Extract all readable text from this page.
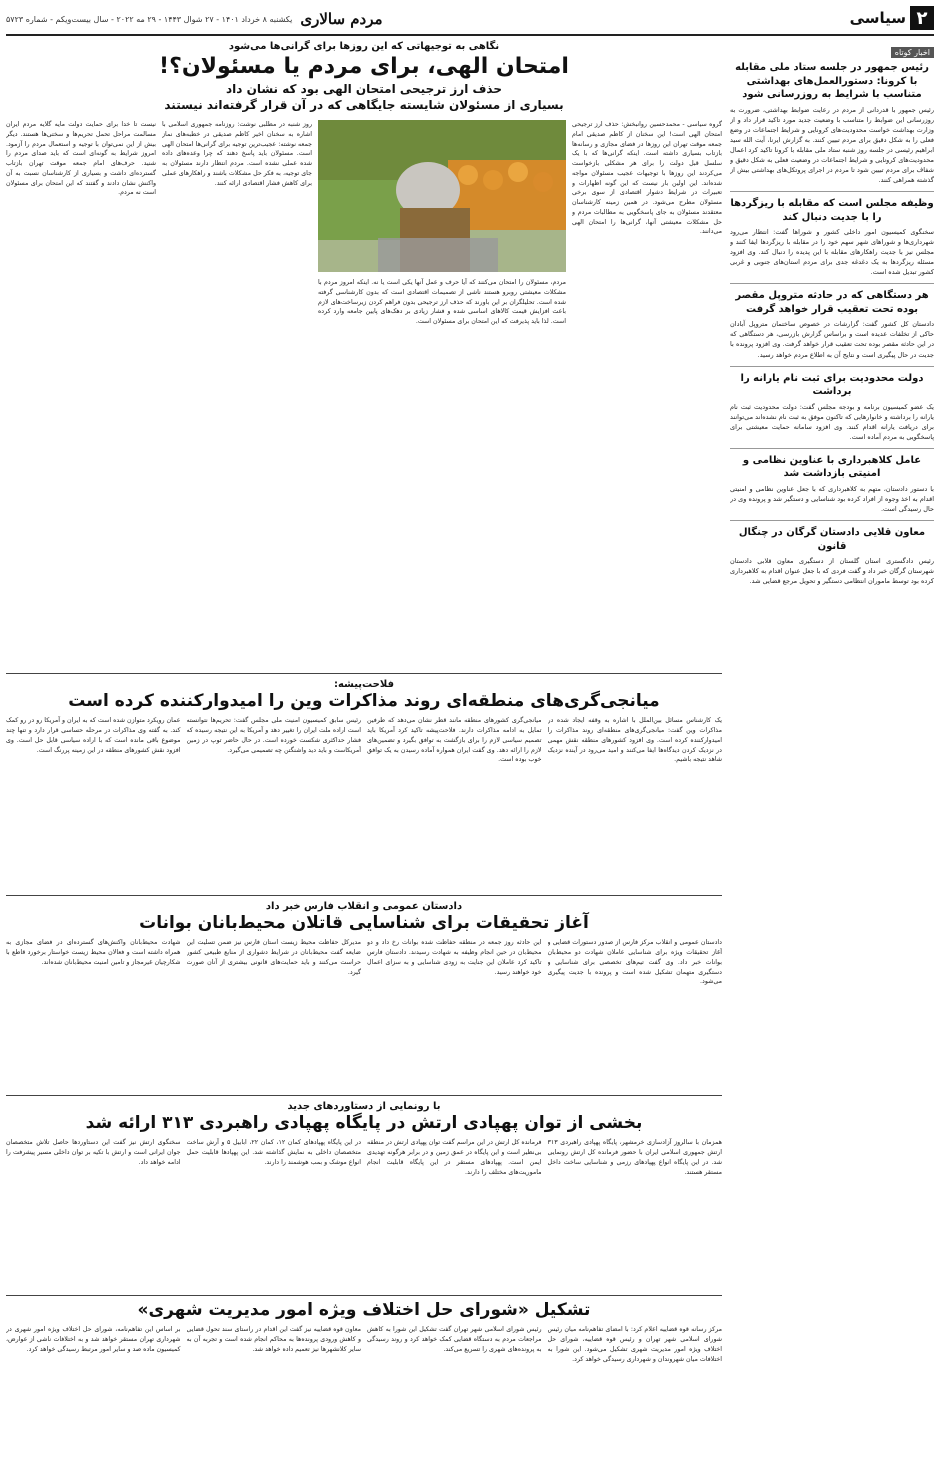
۲
سیاسی
مردم سالاری
یکشنبه ۸ خرداد ۱۴۰۱ - ۲۷ شوال ۱۴۴۳ - ۲۹ مه ۲۰۲۲ - سال بیست‌ویکم - شماره ۵۷۲۳
اخبار کوتاه
رئیس جمهور در جلسه ستاد ملی مقابله با کرونا: دستورالعمل‌های بهداشتی متناسب با شرایط به روزرسانی شود
رئیس جمهور با قدردانی از مردم در رعایت ضوابط بهداشتی، ضرورت به روزرسانی این ضوابط را متناسب با وضعیت جدید مورد تاکید قرار داد و از وزارت بهداشت خواست محدودیت‌های کرونایی و شرایط اجتماعات در وضع فعلی را به شکل دقیق برای مردم تبیین کنند. به گزارش ایرنا، آیت الله سید ابراهیم رئیسی در جلسه روز شنبه ستاد ملی مقابله با کرونا تاکید کرد اعمال محدودیت‌های کرونایی و شرایط اجتماعات در وضعیت فعلی به شکل دقیق و شفاف برای مردم تبیین شود تا مردم در اجرای پروتکل‌های بهداشتی بیش از گذشته همراهی کنند.
وظیفه مجلس است که مقابله با ریزگردها را با جدیت دنبال کند
سخنگوی کمیسیون امور داخلی کشور و شوراها گفت: انتظار می‌رود شهرداری‌ها و شوراهای شهر سهم خود را در مقابله با ریزگردها ایفا کنند و مجلس نیز با جدیت راهکارهای مقابله با این پدیده را دنبال کند. وی افزود مسئله ریزگردها به یک دغدغه جدی برای مردم استان‌های جنوبی و غربی کشور تبدیل شده است.
هر دستگاهی که در حادثه متروپل مقصر بوده تحت تعقیب قرار خواهد گرفت
دادستان کل کشور گفت: گزارشات در خصوص ساختمان متروپل آبادان حاکی از تخلفات عدیده است و براساس گزارش بازرسی، هر دستگاهی که در این حادثه مقصر بوده تحت تعقیب قرار خواهد گرفت. وی افزود پرونده با جدیت در حال پیگیری است و نتایج آن به اطلاع مردم خواهد رسید.
دولت محدودیت برای ثبت نام یارانه را برداشت
یک عضو کمیسیون برنامه و بودجه مجلس گفت: دولت محدودیت ثبت نام یارانه را برداشته و خانوارهایی که تاکنون موفق به ثبت نام نشده‌اند می‌توانند برای دریافت یارانه اقدام کنند. وی افزود سامانه حمایت معیشتی برای پاسخگویی به مردم آماده است.
عامل کلاهبرداری با عناوین نظامی و امنیتی بازداشت شد
با دستور دادستان، متهم به کلاهبرداری که با جعل عناوین نظامی و امنیتی اقدام به اخذ وجوه از افراد کرده بود شناسایی و دستگیر شد و پرونده وی در حال رسیدگی است.
معاون قلایی دادستان گرگان در چنگال قانون
رئیس دادگستری استان گلستان از دستگیری معاون قلابی دادستان شهرستان گرگان خبر داد و گفت فردی که با جعل عنوان اقدام به کلاهبرداری کرده بود توسط ماموران انتظامی دستگیر و تحویل مرجع قضایی شد.
نگاهی به توجیهاتی که این روزها برای گرانی‌ها می‌شود
امتحان الهی، برای مردم یا مسئولان؟!
حذف ارز ترجیحی امتحان الهی بود که نشان داد
بسیاری از مسئولان شایسته جایگاهی که در آن قرار گرفته‌اند نیستند
گروه سیاسی - محمدحسین روانبخش: حذف ارز ترجیحی امتحان الهی است! این سخنان از کاظم صدیقی امام جمعه موقت تهران این روزها در فضای مجازی و رسانه‌ها بازتاب بسیاری داشته است. اینکه گرانی‌ها که با یک سلسل قبل دولت را برای هر مشکلی بازخواست می‌کردند این روزها با توجیهات عجیب مسئولان مواجه شده‌اند. این اولین بار نیست که این گونه اظهارات و تعبیرات در شرایط دشوار اقتصادی از سوی برخی مسئولان مطرح می‌شود. در همین زمینه کارشناسان معتقدند مسئولان به جای پاسخگویی به مطالبات مردم و حل مشکلات معیشتی آنها، گرانی‌ها را امتحان الهی می‌دانند.
مردم، مسئولان را امتحان می‌کنند که آیا حرف و عمل آنها یکی است یا نه. اینکه امروز مردم با مشکلات معیشتی روبرو هستند ناشی از تصمیمات اقتصادی است که بدون کارشناسی گرفته شده است. تحلیلگران بر این باورند که حذف ارز ترجیحی بدون فراهم کردن زیرساخت‌های لازم باعث افزایش قیمت کالاهای اساسی شده و فشار زیادی بر دهک‌های پایین جامعه وارد کرده است. لذا باید پذیرفت که این امتحان برای مسئولان است.
روز شنبه در مطلبی نوشت: روزنامه جمهوری اسلامی با اشاره به سخنان اخیر کاظم صدیقی در خطبه‌های نماز جمعه نوشته: عجیب‌ترین توجیه برای گرانی‌ها امتحان الهی است. مسئولان باید پاسخ دهند که چرا وعده‌های داده شده عملی نشده است. مردم انتظار دارند مسئولان به جای توجیه، به فکر حل مشکلات باشند و راهکارهای عملی برای کاهش فشار اقتصادی ارائه کنند.
نیست تا خدا برای حمایت دولت مایه گلایه مردم ایران مسالمت مراحل تحمل تحریم‌ها و سختی‌ها هستند. دیگر بیش از این نمی‌توان با توجیه و استعمال مردم را آزمود. امروز شرایط به گونه‌ای است که باید صدای مردم را شنید. حرف‌های امام جمعه موقت تهران بازتاب گسترده‌ای داشت و بسیاری از کارشناسان نسبت به آن واکنش نشان دادند و گفتند که این امتحان برای مسئولان است نه مردم.
فلاحت‌پیشه:
میانجی‌گری‌های منطقه‌ای روند مذاکرات وین را امیدوارکننده کرده است
یک کارشناس مسائل بین‌الملل با اشاره به وقفه ایجاد شده در مذاکرات وین گفت: میانجی‌گری‌های منطقه‌ای روند مذاکرات را امیدوارکننده کرده است. وی افزود کشورهای منطقه نقش مهمی در نزدیک کردن دیدگاه‌ها ایفا می‌کنند و امید می‌رود در آینده نزدیک شاهد نتیجه باشیم.
میانجی‌گری کشورهای منطقه مانند قطر نشان می‌دهد که طرفین تمایل به ادامه مذاکرات دارند. فلاحت‌پیشه تاکید کرد آمریکا باید تصمیم سیاسی لازم را برای بازگشت به توافق بگیرد و تضمین‌های لازم را ارائه دهد. وی گفت ایران همواره آماده رسیدن به یک توافق خوب بوده است.
رئیس سابق کمیسیون امنیت ملی مجلس گفت: تحریم‌ها نتوانسته است اراده ملت ایران را تغییر دهد و آمریکا به این نتیجه رسیده که فشار حداکثری شکست خورده است. در حال حاضر توپ در زمین آمریکاست و باید دید واشنگتن چه تصمیمی می‌گیرد.
عمان رویکرد متوازن شده است که به ایران و آمریکا رو در رو کمک کند. به گفته وی مذاکرات در مرحله حساسی قرار دارد و تنها چند موضوع باقی مانده است که با اراده سیاسی قابل حل است. وی افزود نقش کشورهای منطقه در این زمینه پررنگ است.
دادستان عمومی و انقلاب فارس خبر داد
آغاز تحقیقات برای شناسایی قاتلان محیط‌بانان بوانات
دادستان عمومی و انقلاب مرکز فارس از صدور دستورات قضایی و آغاز تحقیقات ویژه برای شناسایی عاملان شهادت دو محیط‌بان بوانات خبر داد. وی گفت تیم‌های تخصصی برای شناسایی و دستگیری متهمان تشکیل شده است و پرونده با جدیت پیگیری می‌شود.
این حادثه روز جمعه در منطقه حفاظت شده بوانات رخ داد و دو محیط‌بان در حین انجام وظیفه به شهادت رسیدند. دادستان فارس تاکید کرد عاملان این جنایت به زودی شناسایی و به سزای اعمال خود خواهند رسید.
مدیرکل حفاظت محیط زیست استان فارس نیز ضمن تسلیت این ضایعه گفت محیط‌بانان در شرایط دشواری از منابع طبیعی کشور حراست می‌کنند و باید حمایت‌های قانونی بیشتری از آنان صورت گیرد.
شهادت محیط‌بانان واکنش‌های گسترده‌ای در فضای مجازی به همراه داشته است و فعالان محیط زیست خواستار برخورد قاطع با شکارچیان غیرمجاز و تامین امنیت محیط‌بانان شده‌اند.
با رونمایی از دستاوردهای جدید
بخشی از توان پهپادی ارتش در پایگاه پهپادی راهبردی ۳۱۳ ارائه شد
همزمان با سالروز آزادسازی خرمشهر، پایگاه پهپادی راهبردی ۳۱۳ ارتش جمهوری اسلامی ایران با حضور فرمانده کل ارتش رونمایی شد. در این پایگاه انواع پهپادهای رزمی و شناسایی ساخت داخل مستقر هستند.
فرمانده کل ارتش در این مراسم گفت توان پهپادی ارتش در منطقه بی‌نظیر است و این پایگاه در عمق زمین و در برابر هرگونه تهدیدی ایمن است. پهپادهای مستقر در این پایگاه قابلیت انجام ماموریت‌های مختلف را دارند.
در این پایگاه پهپادهای کمان ۱۲، کمان ۲۲، ابابیل ۵ و آرش ساخت متخصصان داخلی به نمایش گذاشته شد. این پهپادها قابلیت حمل انواع موشک و بمب هوشمند را دارند.
سخنگوی ارتش نیز گفت این دستاوردها حاصل تلاش متخصصان جوان ایرانی است و ارتش با تکیه بر توان داخلی مسیر پیشرفت را ادامه خواهد داد.
تشکیل «شورای حل اختلاف ویژه امور مدیریت شهری»
مرکز رسانه قوه قضاییه اعلام کرد: با امضای تفاهم‌نامه میان رئیس شورای اسلامی شهر تهران و رئیس قوه قضاییه، شورای حل اختلاف ویژه امور مدیریت شهری تشکیل می‌شود. این شورا به اختلافات میان شهروندان و شهرداری رسیدگی خواهد کرد.
رئیس شورای اسلامی شهر تهران گفت تشکیل این شورا به کاهش مراجعات مردم به دستگاه قضایی کمک خواهد کرد و روند رسیدگی به پرونده‌های شهری را تسریع می‌کند.
معاون قوه قضاییه نیز گفت این اقدام در راستای سند تحول قضایی و کاهش ورودی پرونده‌ها به محاکم انجام شده است و تجربه آن به سایر کلانشهرها نیز تعمیم داده خواهد شد.
بر اساس این تفاهم‌نامه، شورای حل اختلاف ویژه امور شهری در شهرداری تهران مستقر خواهد شد و به اختلافات ناشی از عوارض، کمیسیون ماده صد و سایر امور مرتبط رسیدگی خواهد کرد.
